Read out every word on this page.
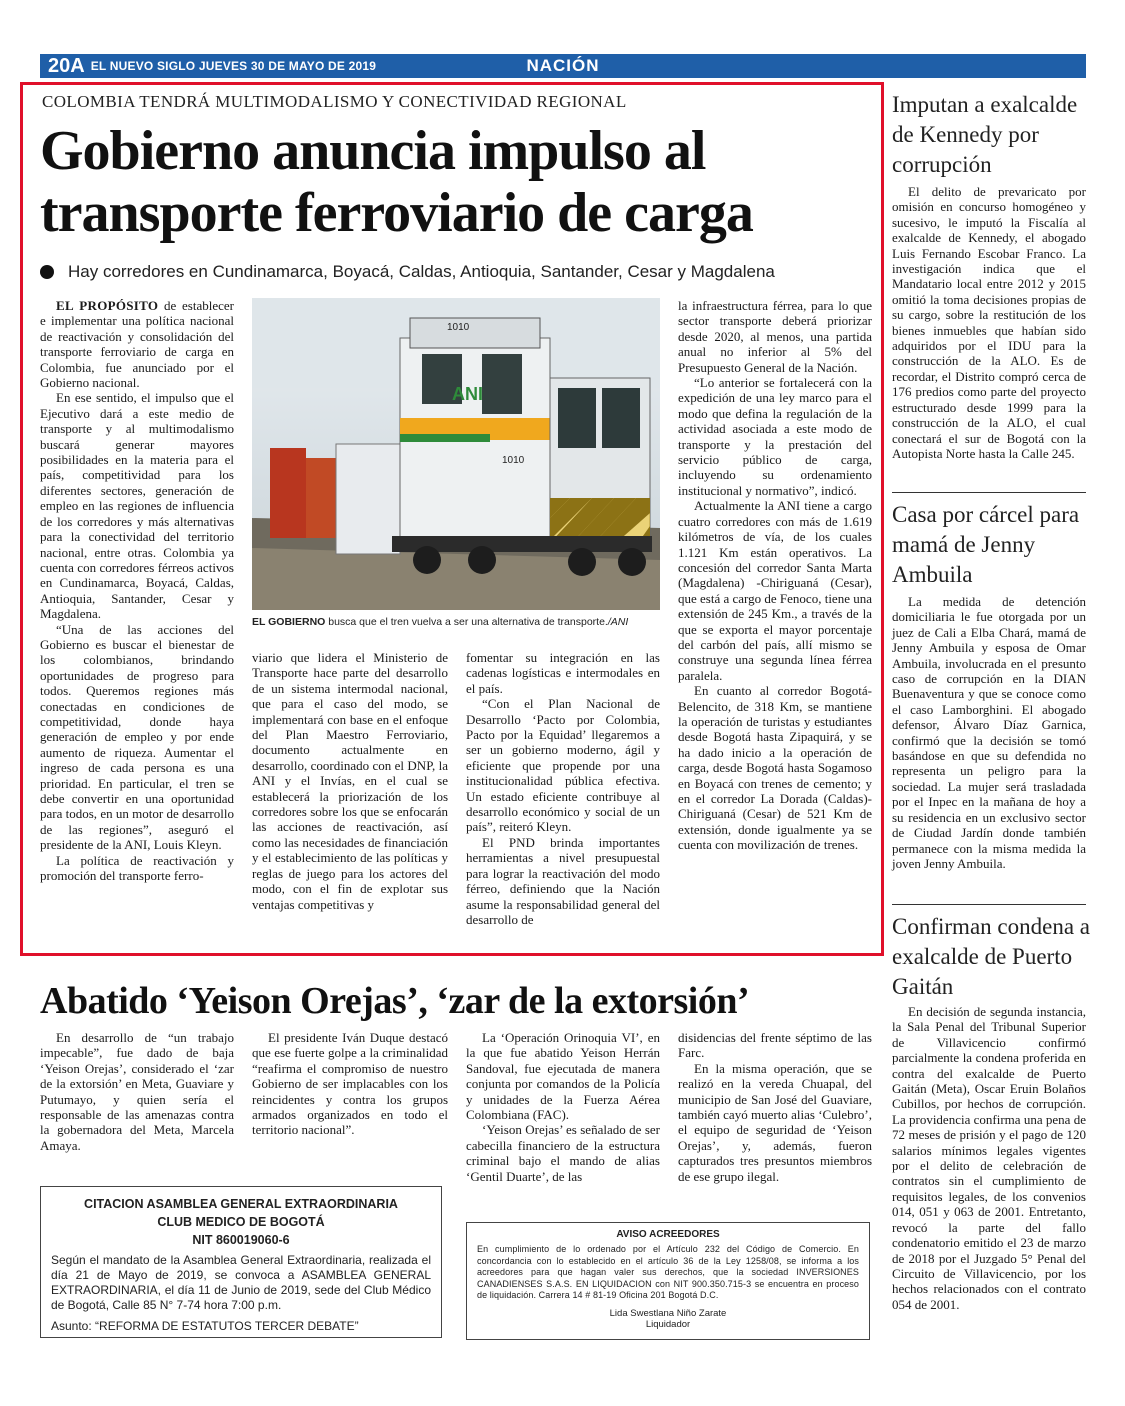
20A EL NUEVO SIGLO JUEVES 30 DE MAYO DE 2019	NACIÓN
COLOMBIA TENDRÁ MULTIMODALISMO Y CONECTIVIDAD REGIONAL
Gobierno anuncia impulso al transporte ferroviario de carga
Hay corredores en Cundinamarca, Boyacá, Caldas, Antioquia, Santander, Cesar y Magdalena

EL PROPÓSITO de establecer e implementar una política nacional de reactivación y consolidación del transporte ferroviario de carga en Colombia, fue anunciado por el Gobierno nacional.

En ese sentido, el impulso que el Ejecutivo dará a este medio de transporte y al multimodalismo buscará generar mayores posibilidades en la materia para el país, competitividad para los diferentes sectores, generación de empleo en las regiones de influencia de los corredores y más alternativas para la conectividad del territorio nacional, entre otras. Colombia ya cuenta con corredores férreos activos en Cundinamarca, Boyacá, Caldas, Antioquia, Santander, Cesar y Magdalena.

“Una de las acciones del Gobierno es buscar el bienestar de los colombianos, brindando oportunidades de progreso para todos. Queremos regiones más conectadas en condiciones de competitividad, donde haya generación de empleo y por ende aumento de riqueza. Aumentar el ingreso de cada persona es una prioridad. En particular, el tren se debe convertir en una oportunidad para todos, en un motor de desarrollo de las regiones”, aseguró el presidente de la ANI, Louis Kleyn.

La política de reactivación y promoción del transporte ferro-

ANI
1010
1010
EL GOBIERNO busca que el tren vuelva a ser una alternativa de transporte./ANI

viario que lidera el Ministerio de Transporte hace parte del desarrollo de un sistema intermodal nacional, que para el caso del modo, se implementará con base en el enfoque del Plan Maestro Ferroviario, documento actualmente en desarrollo, coordinado con el DNP, la ANI y el Invías, en el cual se establecerá la priorización de los corredores sobre los que se enfocarán las acciones de reactivación, así como las necesidades de financiación y el establecimiento de las políticas y reglas de juego para los actores del modo, con el fin de explotar sus ventajas competitivas y

fomentar su integración en las cadenas logísticas e intermodales en el país.

“Con el Plan Nacional de Desarrollo ‘Pacto por Colombia, Pacto por la Equidad’ llegaremos a ser un gobierno moderno, ágil y eficiente que propende por una institucionalidad pública efectiva. Un estado eficiente contribuye al desarrollo económico y social de un país”, reiteró Kleyn.

El PND brinda importantes herramientas a nivel presupuestal para lograr la reactivación del modo férreo, definiendo que la Nación asume la responsabilidad general del desarrollo de

la infraestructura férrea, para lo que sector transporte deberá priorizar desde 2020, al menos, una partida anual no inferior al 5% del Presupuesto General de la Nación.

“Lo anterior se fortalecerá con la expedición de una ley marco para el modo que defina la regulación de la actividad asociada a este modo de transporte y la prestación del servicio público de carga, incluyendo su ordenamiento institucional y normativo”, indicó.

Actualmente la ANI tiene a cargo cuatro corredores con más de 1.619 kilómetros de vía, de los cuales 1.121 Km están operativos. La concesión del corredor Santa Marta (Magdalena) -Chiriguaná (Cesar), que está a cargo de Fenoco, tiene una extensión de 245 Km., a través de la que se exporta el mayor porcentaje del carbón del país, allí mismo se construye una segunda línea férrea paralela.

En cuanto al corredor Bogotá-Belencito, de 318 Km, se mantiene la operación de turistas y estudiantes desde Bogotá hasta Zipaquirá, y se ha dado inicio a la operación de carga, desde Bogotá hasta Sogamoso en Boyacá con trenes de cemento; y en el corredor La Dorada (Caldas)-Chiriguaná (Cesar) de 521 Km de extensión, donde igualmente ya se cuenta con movilización de trenes.

Imputan a exalcalde de Kennedy por corrupción

El delito de prevaricato por omisión en concurso homogéneo y sucesivo, le imputó la Fiscalía al exalcalde de Kennedy, el abogado Luis Fernando Escobar Franco. La investigación indica que el Mandatario local entre 2012 y 2015 omitió la toma decisiones propias de su cargo, sobre la restitución de los bienes inmuebles que habían sido adquiridos por el IDU para la construcción de la ALO. Es de recordar, el Distrito compró cerca de 176 predios como parte del proyecto estructurado desde 1999 para la construcción de la ALO, el cual conectará el sur de Bogotá con la Autopista Norte hasta la Calle 245.

Casa por cárcel para mamá de Jenny Ambuila

La medida de detención domiciliaria le fue otorgada por un juez de Cali a Elba Chará, mamá de Jenny Ambuila y esposa de Omar Ambuila, involucrada en el presunto caso de corrupción en la DIAN Buenaventura y que se conoce como el caso Lamborghini. El abogado defensor, Álvaro Díaz Garnica, confirmó que la decisión se tomó basándose en que su defendida no representa un peligro para la sociedad. La mujer será trasladada por el Inpec en la mañana de hoy a su residencia en un exclusivo sector de Ciudad Jardín donde también permanece con la misma medida la joven Jenny Ambuila.

Confirman condena a exalcalde de Puerto Gaitán

En decisión de segunda instancia, la Sala Penal del Tribunal Superior de Villavicencio confirmó parcialmente la condena proferida en contra del exalcalde de Puerto Gaitán (Meta), Oscar Eruin Bolaños Cubillos, por hechos de corrupción. La providencia confirma una pena de 72 meses de prisión y el pago de 120 salarios mínimos legales vigentes por el delito de celebración de contratos sin el cumplimiento de requisitos legales, de los convenios 014, 051 y 063 de 2001. Entretanto, revocó la parte del fallo condenatorio emitido el 23 de marzo de 2018 por el Juzgado 5° Penal del Circuito de Villavicencio, por los hechos relacionados con el contrato 054 de 2001.

Abatido ‘Yeison Orejas’, ‘zar de la extorsión’

En desarrollo de “un trabajo impecable”, fue dado de baja ‘Yeison Orejas’, considerado el ‘zar de la extorsión’ en Meta, Guaviare y Putumayo, y quien sería el responsable de las amenazas contra la gobernadora del Meta, Marcela Amaya.

El presidente Iván Duque destacó que ese fuerte golpe a la criminalidad “reafirma el compromiso de nuestro Gobierno de ser implacables con los reincidentes y contra los grupos armados organizados en todo el territorio nacional”.

La ‘Operación Orinoquia VI’, en la que fue abatido Yeison Herrán Sandoval, fue ejecutada de manera conjunta por comandos de la Policía y unidades de la Fuerza Aérea Colombiana (FAC).

‘Yeison Orejas’ es señalado de ser cabecilla financiero de la estructura criminal bajo el mando de alias ‘Gentil Duarte’, de las

disidencias del frente séptimo de las Farc.

En la misma operación, que se realizó en la vereda Chuapal, del municipio de San José del Guaviare, también cayó muerto alias ‘Culebro’, el equipo de seguridad de ‘Yeison Orejas’, y, además, fueron capturados tres presuntos miembros de ese grupo ilegal.

CITACION ASAMBLEA GENERAL EXTRAORDINARIA
CLUB MEDICO DE BOGOTÁ
NIT 860019060-6
Según el mandato de la Asamblea General Extraordinaria, realizada el día 21 de Mayo de 2019, se convoca a ASAMBLEA GENERAL EXTRAORDINARIA, el día 11 de Junio de 2019, sede del Club Médico de Bogotá, Calle 85 N° 7-74 hora 7:00 p.m.
Asunto: “REFORMA DE ESTATUTOS TERCER DEBATE”
AVISO ACREEDORES
En cumplimiento de lo ordenado por el Artículo 232 del Código de Comercio. En concordancia con lo establecido en el artículo 36 de la Ley 1258/08, se informa a los acreedores para que hagan valer sus derechos, que la sociedad INVERSIONES CANADIENSES S.A.S. EN LIQUIDACION con NIT 900.350.715-3 se encuentra en proceso de liquidación. Carrera 14 # 81-19 Oficina 201 Bogotá D.C.
Lida Swestlana Niño Zarate
Liquidador
